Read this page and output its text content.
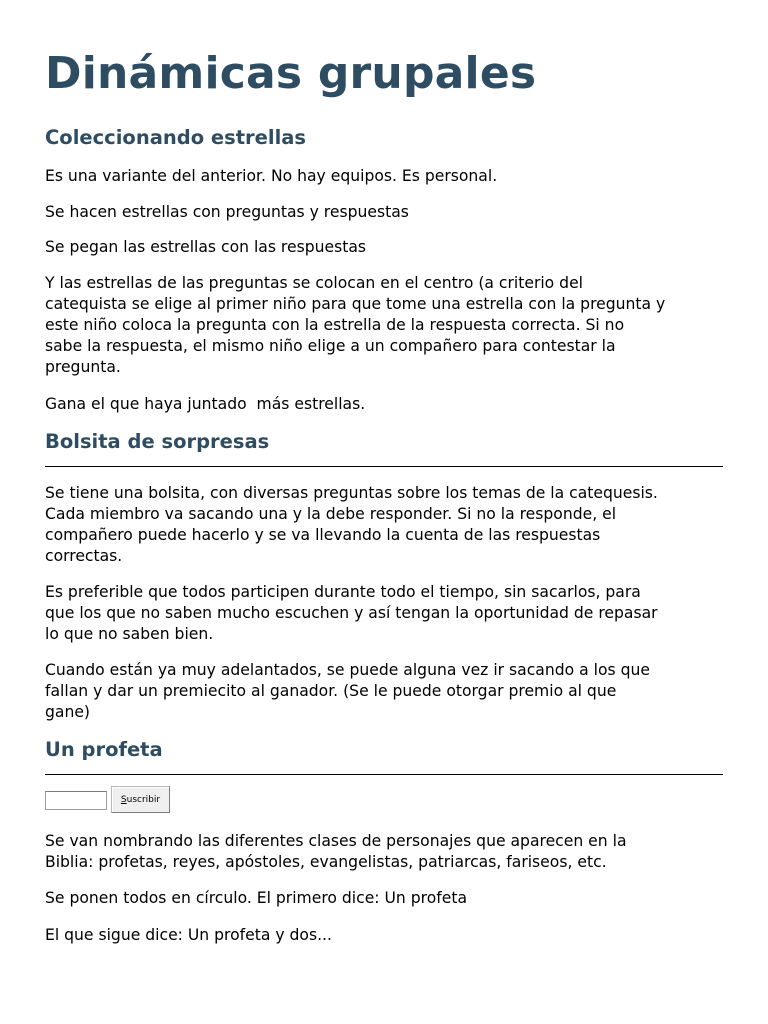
Dinámicas grupales
Coleccionando estrellas

Es una variante del anterior. No hay equipos. Es personal.

Se hacen estrellas con preguntas y respuestas

Se pegan las estrellas con las respuestas

Y las estrellas de las preguntas se colocan en el centro (a criterio del
catequista se elige al primer niño para que tome una estrella con la pregunta y
este niño coloca la pregunta con la estrella de la respuesta correcta. Si no
sabe la respuesta, el mismo niño elige a un compañero para contestar la
pregunta.

Gana el que haya juntado  más estrellas.

Bolsita de sorpresas

Se tiene una bolsita, con diversas preguntas sobre los temas de la catequesis.
Cada miembro va sacando una y la debe responder. Si no la responde, el
compañero puede hacerlo y se va llevando la cuenta de las respuestas
correctas.

Es preferible que todos participen durante todo el tiempo, sin sacarlos, para
que los que no saben mucho escuchen y así tengan la oportunidad de repasar
lo que no saben bien.

Cuando están ya muy adelantados, se puede alguna vez ir sacando a los que
fallan y dar un premiecito al ganador. (Se le puede otorgar premio al que
gane)

Un profeta
Suscribir

Se van nombrando las diferentes clases de personajes que aparecen en la
Biblia: profetas, reyes, apóstoles, evangelistas, patriarcas, fariseos, etc.

Se ponen todos en círculo. El primero dice: Un profeta

El que sigue dice: Un profeta y dos...
